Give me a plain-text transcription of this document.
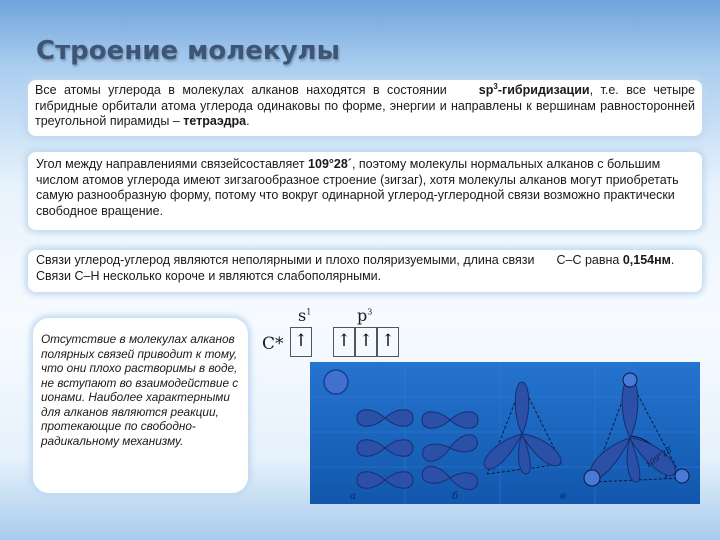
Строение молекулы
Все атомы углерода в молекулах алканов находятся в состоянии	$sp^3$-гибридизации, т.е. все четыре гибридные орбитали атома углерода одинаковы по форме, энергии и направлены к вершинам равносторонней треугольной пирамиды – тетраэдра.
Угол между направлениями связейсоставляет 109°28´, поэтому молекулы нормальных алканов с большим числом атомов углерода имеют зигзагообразное строение (зигзаг), хотя молекулы алканов могут приобретать самую разнообразную форму, потому что вокруг одинарной углерод-углеродной связи возможно практически свободное вращение.
Связи углерод-углерод являются неполярными и плохо поляризуемыми, длина связи С–С равна 0,154нм. Связи С–Н несколько короче и являются слабополярными.
Отсутствие в молекулах алканов полярных связей приводит к тому, что они плохо растворимы в воде, не вступают во взаимодействие с ионами. Наиболее характерными для алканов являются реакции, протекающие по свободно-радикальному механизму.
$s^1$	$p^3$
C* ↑ ↑ ↑ ↑
109°28′
а	б	в
